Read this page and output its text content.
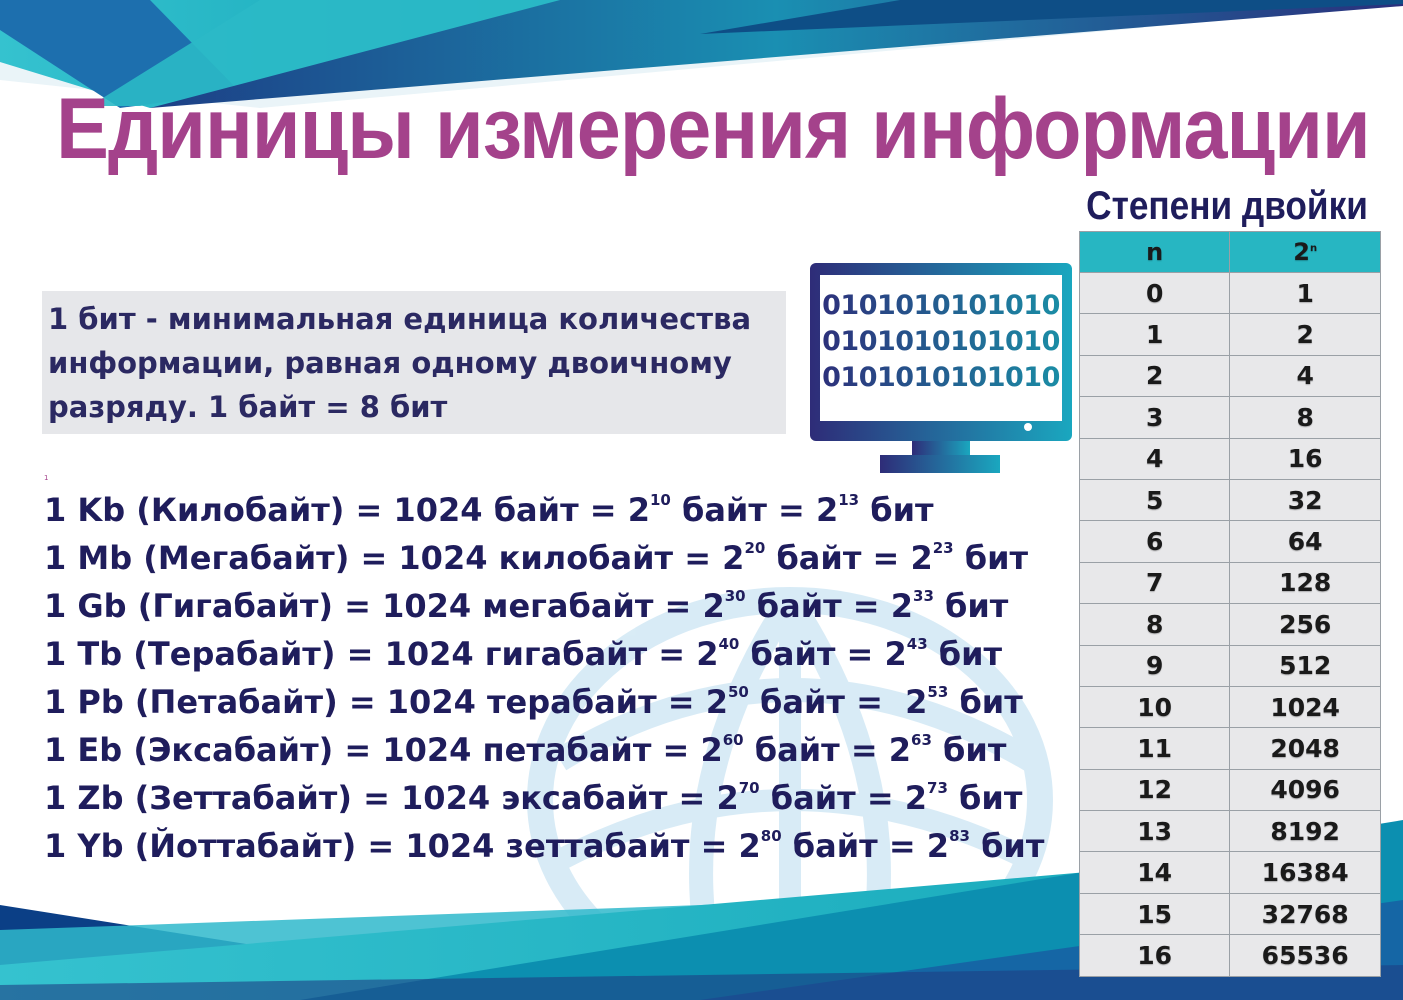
Единицы измерения информации
1 бит - минимальная единица количества
информации, равная одному двоичному
разряду. 1 байт = 8 бит
1
0101010101010
0101010101010
0101010101010
1 Kb (Килобайт) = 1024 байт = $2^{10}$ байт = $2^{13}$ бит
1 Mb (Мегабайт) = 1024 килобайт = $2^{20}$ байт = $2^{23}$ бит
1 Gb (Гигабайт) = 1024 мегабайт = $2^{30}$ байт = $2^{33}$ бит
1 Tb (Терабайт) = 1024 гигабайт = $2^{40}$ байт = $2^{43}$ бит
1 Pb (Петабайт) = 1024 терабайт = $2^{50}$ байт =  $2^{53}$ бит
1 Eb (Эксабайт) = 1024 петабайт = $2^{60}$ байт = $2^{63}$ бит
1 Zb (Зеттабайт) = 1024 эксабайт = $2^{70}$ байт = $2^{73}$ бит
1 Yb (Йоттабайт) = 1024 зеттабайт = $2^{80}$ байт = $2^{83}$ бит
Степени двойки
n	2$^n$
0	1
1	2
2	4
3	8
4	16
5	32
6	64
7	128
8	256
9	512
10	1024
11	2048
12	4096
13	8192
14	16384
15	32768
16	65536
